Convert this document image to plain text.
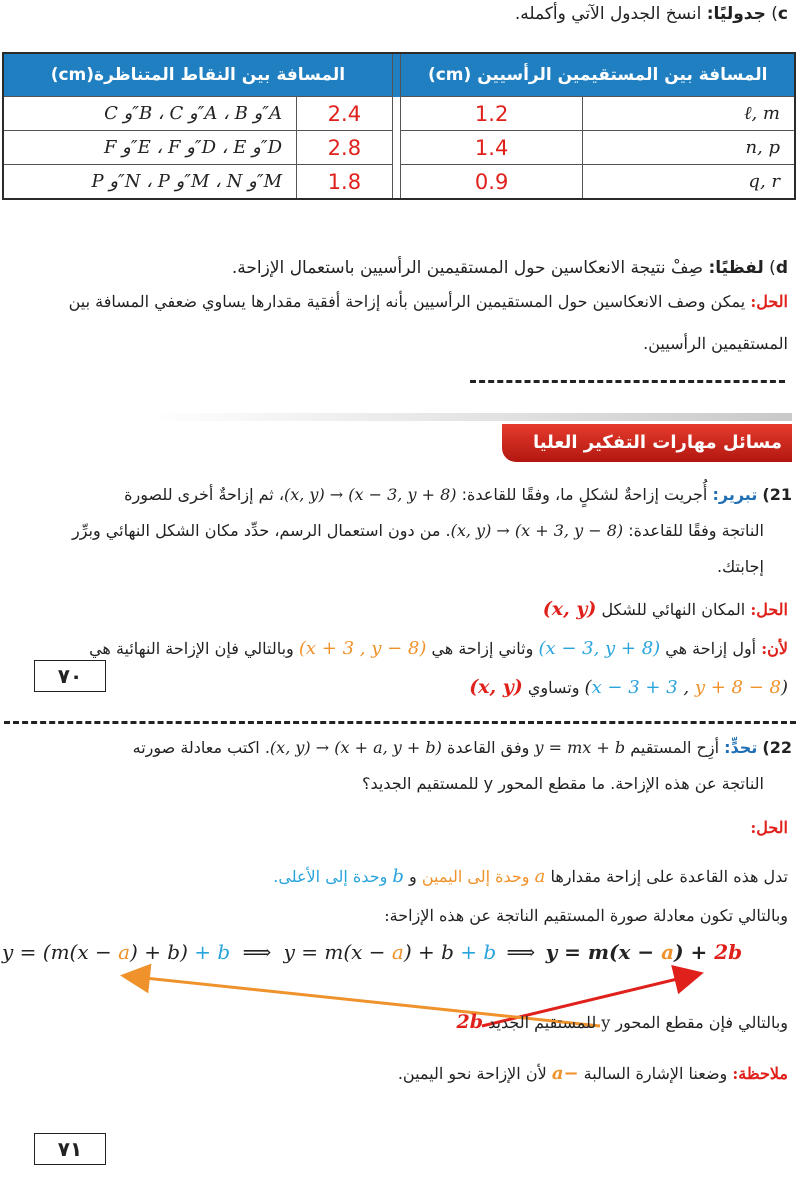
c) جدوليًا: انسخ الجدول الآتي وأكمله.
المسافة بين النقاط المتناظرة(cm)			المسافة بين المستقيمين الرأسيين (cm)	
A″و A ، B″و B ، C″و C	2.4		1.2	ℓ, m
D″و D ، E″و E ، F″و F	2.8		1.4	n, p
M″و M ، N″و N ، P″و P	1.8		0.9	q, r
d) لفظيًا: صِفْ نتيجة الانعكاسين حول المستقيمين الرأسيين باستعمال الإزاحة.
الحل: يمكن وصف الانعكاسين حول المستقيمين الرأسيين بأنه إزاحة أفقية مقدارها يساوي ضعفي المسافة بين
المستقيمين الرأسيين.
مسائل مهارات التفكير العليا
21) تبرير: أُجريت إزاحةٌ لشكلٍ ما، وفقًا للقاعدة: (x, y) → (x − 3, y + 8)، ثم إزاحةٌ أخرى للصورة
الناتجة وفقًا للقاعدة: (x, y) → (x + 3, y − 8). من دون استعمال الرسم، حدِّد مكان الشكل النهائي وبرِّر
إجابتك.
الحل: المكان النهائي للشكل (x, y)
لأن: أول إزاحة هي (x − 3, y + 8) وثاني إزاحة هي (x + 3 , y − 8) وبالتالي فإن الإزاحة النهائية هي
(x − 3 + 3 , y + 8 − 8) وتساوي (x, y)
٧٠
22) تحدٍّ: أزِح المستقيم y = mx + b وفق القاعدة (x, y) → (x + a, y + b). اكتب معادلة صورته
الناتجة عن هذه الإزاحة. ما مقطع المحور y للمستقيم الجديد؟
الحل:
تدل هذه القاعدة على إزاحة مقدارها a وحدة إلى اليمين و b وحدة إلى الأعلى.
وبالتالي تكون معادلة صورة المستقيم الناتجة عن هذه الإزاحة:
y = (m(x − a) + b) + b ⟹ y = m(x − a) + b + b ⟹ y = m(x − a) + 2b
وبالتالي فإن مقطع المحور y للمستقيم الجديد 2b
ملاحظة: وضعنا الإشارة السالبة a− لأن الإزاحة نحو اليمين.
٧١
